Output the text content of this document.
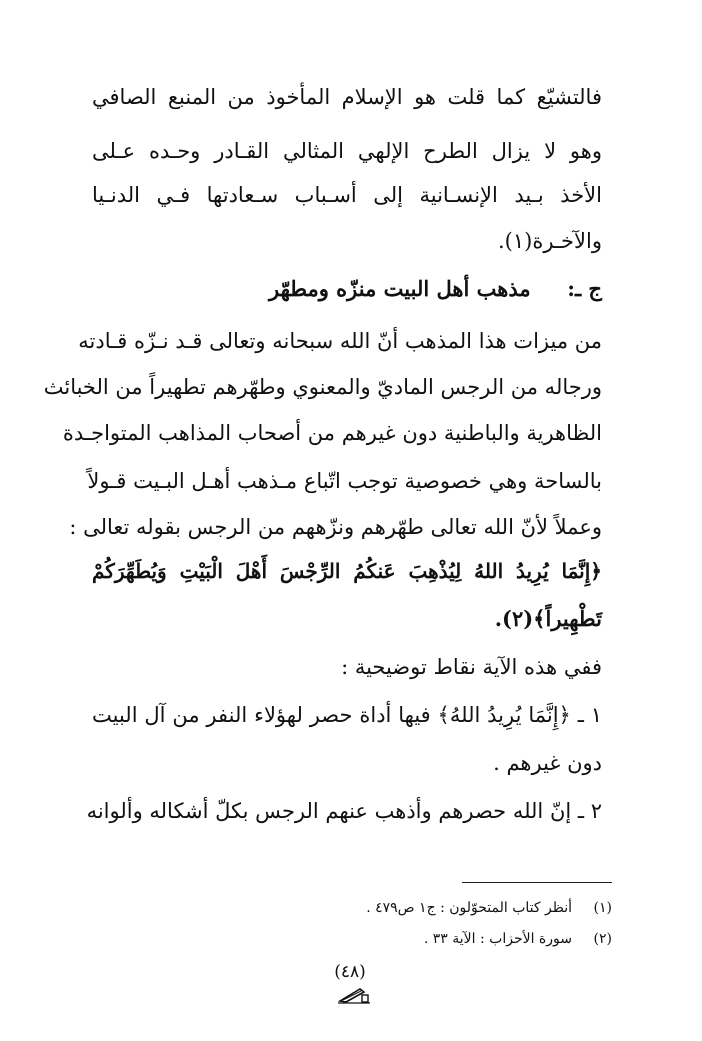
فالتشيّع كما قلت هو الإسلام المأخوذ من المنبع الصافي
وهو لا يزال الطرح الإلهي المثالي القـادر وحـده عـلى
الأخذ بـيد الإنسـانية إلى أسـباب سـعادتها فـي الدنـيا
والآخـرة(١).
ج ـ:  مذهب أهل البيت منزّه ومطهّر
من ميزات هذا المذهب أنّ الله سبحانه وتعالى قـد نـزّه قـادته
ورجاله من الرجس الماديّ والمعنوي وطهّرهم تطهيراً من الخبائث
الظاهرية والباطنية دون غيرهم من أصحاب المذاهب المتواجـدة
بالساحة وهي خصوصية توجب اتّباع مـذهب أهـل البـيت قـولاً
وعملاً لأنّ الله تعالى طهّرهم ونزّههم من الرجس بقوله تعالى :
﴿إِنَّمَا يُرِيدُ اللهُ لِيُذْهِبَ عَنكُمُ الرِّجْسَ أَهْلَ الْبَيْتِ وَيُطَهِّرَكُمْ
تَطْهِيراً﴾(٢).
ففي هذه الآية نقاط توضيحية :
١ ـ ﴿إِنَّمَا يُرِيدُ اللهُ﴾ فيها أداة حصر لهؤلاء النفر من آل البيت
دون غيرهم .
٢ ـ إنّ الله حصرهم وأذهب عنهم الرجس بكلّ أشكاله وألوانه
(١)أنظر كتاب المتحوّلون : ج١ ص٤٧٩ .
(٢)سورة الأحزاب : الآية ٣٣ .
(٤٨)
